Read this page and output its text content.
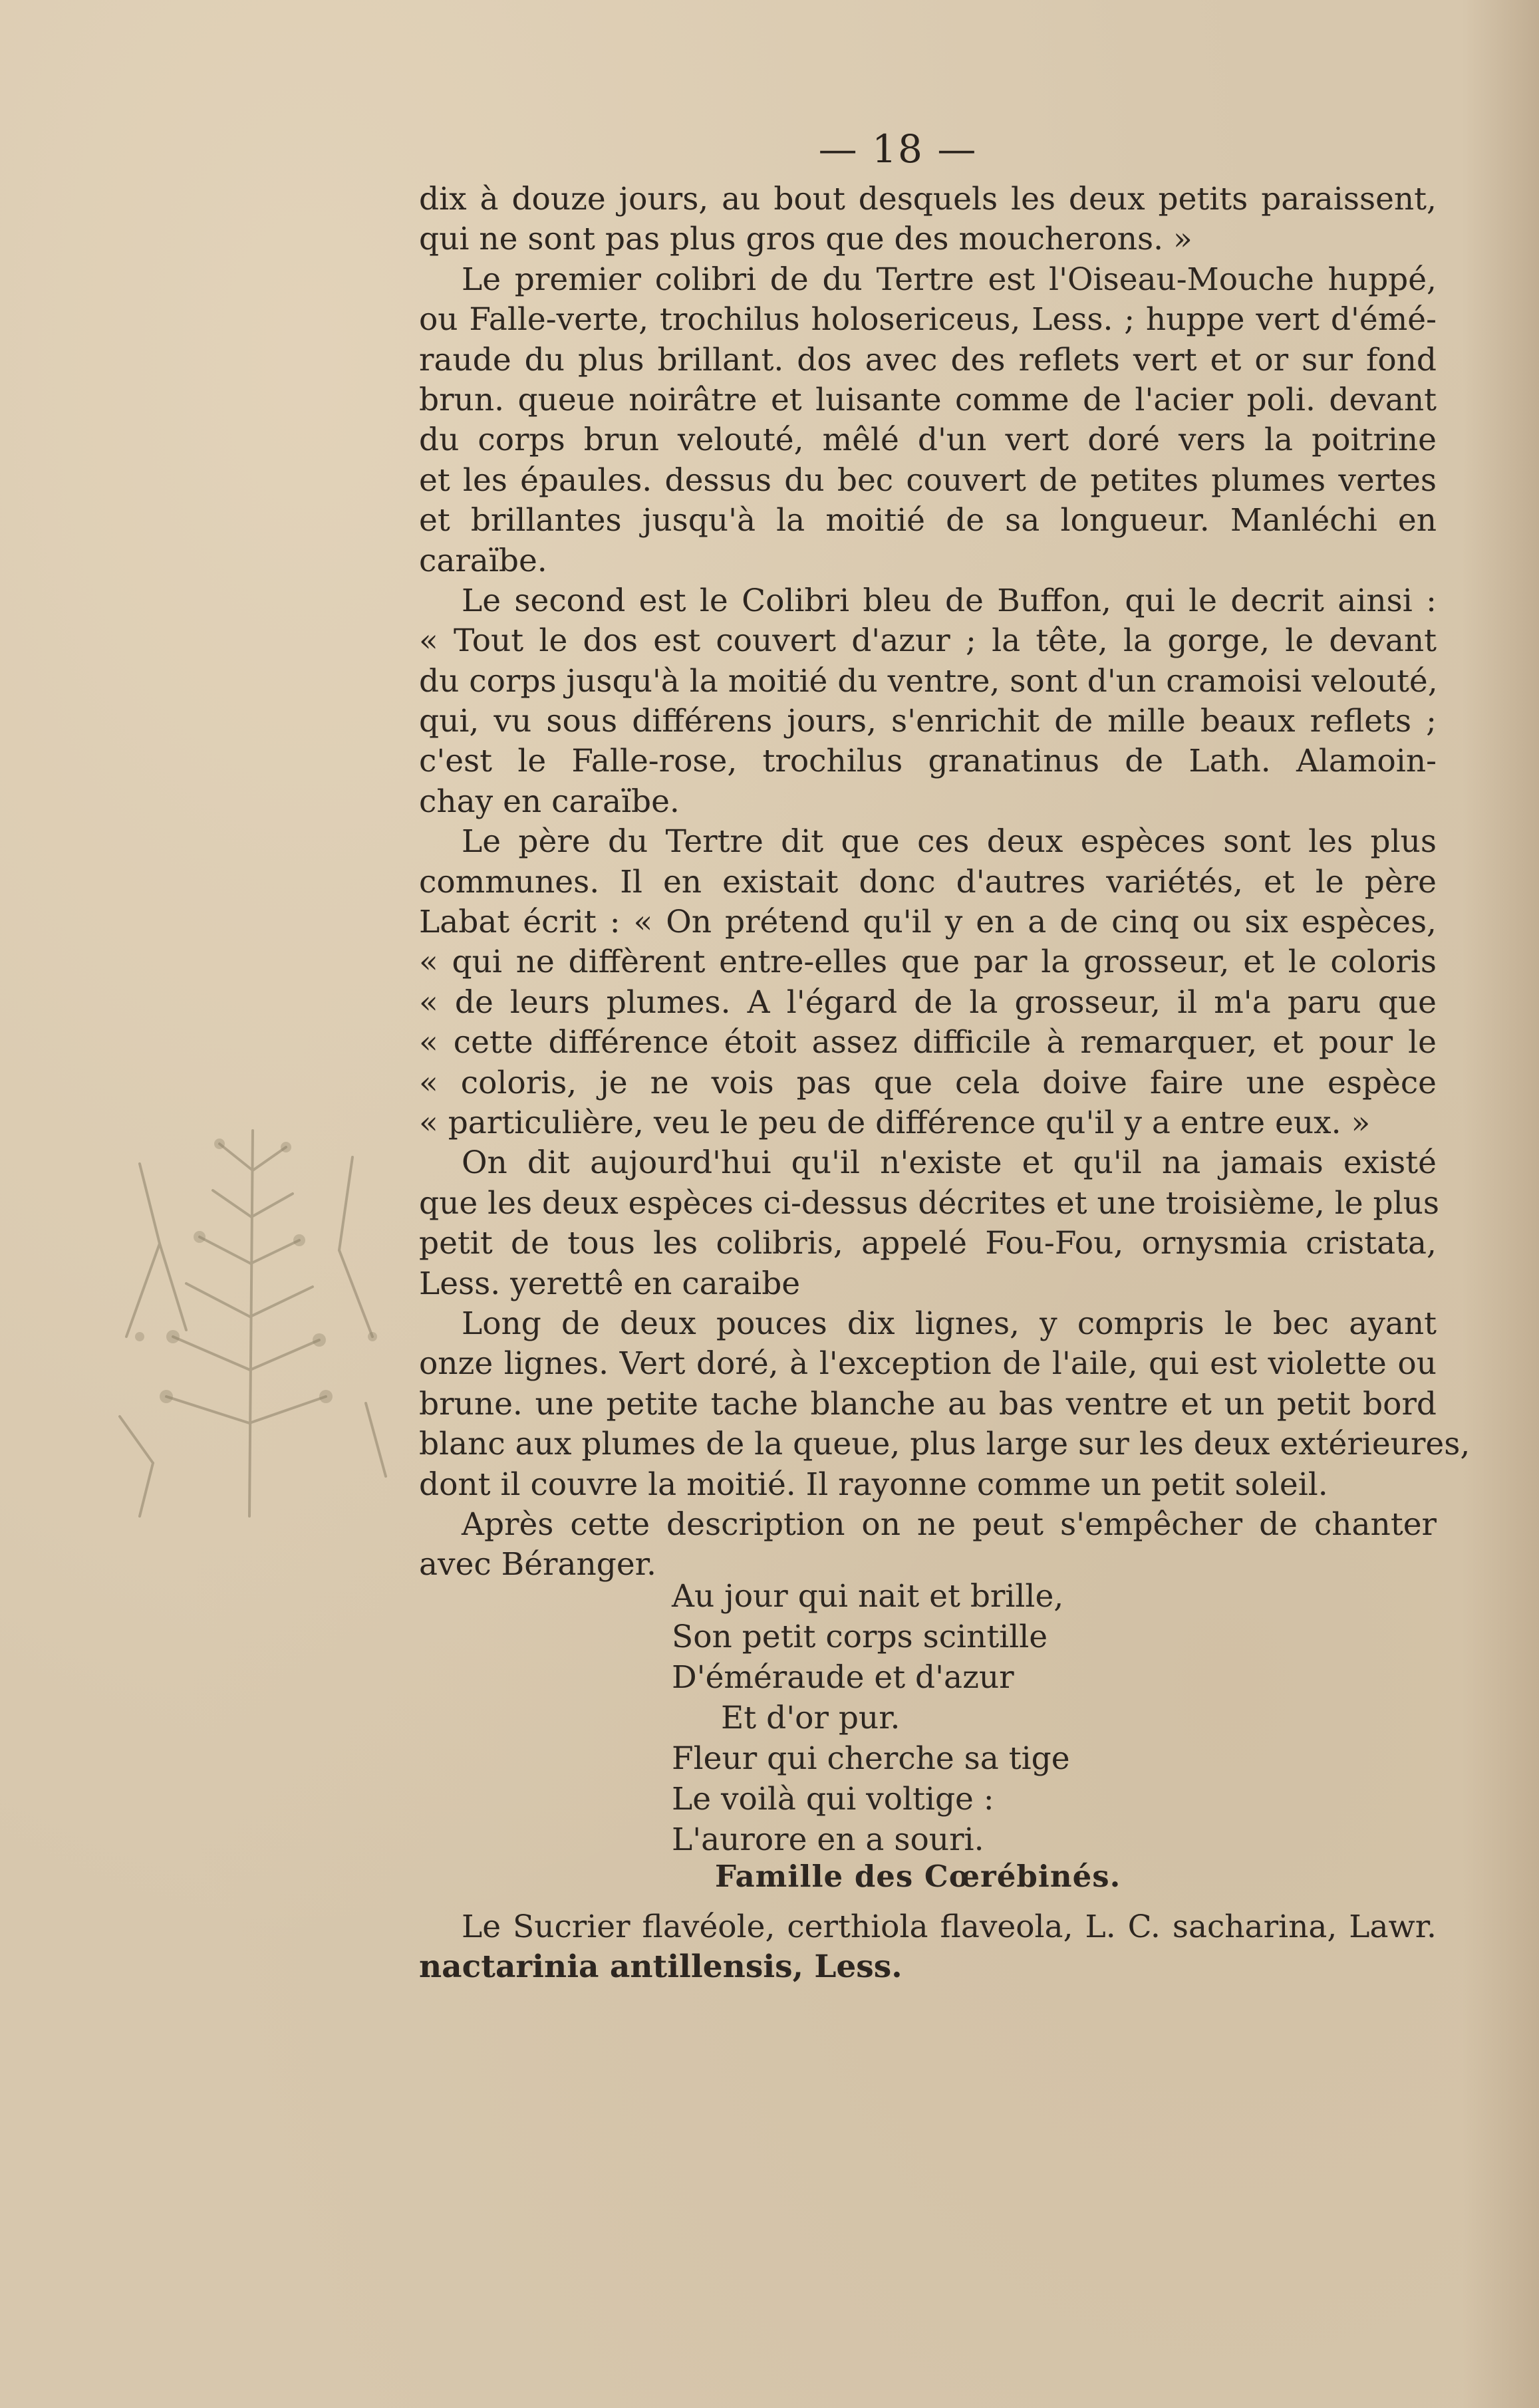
— 18 —
dix à douze jours, au bout desquels les deux petits paraissent,
qui ne sont pas plus gros que des moucherons. »
Le premier colibri de du Tertre est l'Oiseau-Mouche huppé,
ou Falle-verte, trochilus holosericeus, Less. ; huppe vert d'émé-
raude du plus brillant. dos avec des reflets vert et or sur fond
brun. queue noirâtre et luisante comme de l'acier poli. devant
du corps brun velouté, mêlé d'un vert doré vers la poitrine
et les épaules. dessus du bec couvert de petites plumes vertes
et brillantes jusqu'à la moitié de sa longueur. Manléchi en
caraïbe.
Le second est le Colibri bleu de Buffon, qui le decrit ainsi :
« Tout le dos est couvert d'azur ; la tête, la gorge, le devant
du corps jusqu'à la moitié du ventre, sont d'un cramoisi velouté,
qui, vu sous différens jours, s'enrichit de mille beaux reflets ;
c'est le Falle-rose, trochilus granatinus de Lath. Alamoin-
chay en caraïbe.
Le père du Tertre dit que ces deux espèces sont les plus
communes. Il en existait donc d'autres variétés, et le père
Labat écrit : « On prétend qu'il y en a de cinq ou six espèces,
« qui ne diffèrent entre-elles que par la grosseur, et le coloris
« de leurs plumes. A l'égard de la grosseur, il m'a paru que
« cette différence étoit assez difficile à remarquer, et pour le
« coloris, je ne vois pas que cela doive faire une espèce
« particulière, veu le peu de différence qu'il y a entre eux. »
On dit aujourd'hui qu'il n'existe et qu'il na jamais existé
que les deux espèces ci-dessus décrites et une troisième, le plus
petit de tous les colibris, appelé Fou-Fou, ornysmia cristata,
Less. yerettê en caraibe
Long de deux pouces dix lignes, y compris le bec ayant
onze lignes. Vert doré, à l'exception de l'aile, qui est violette ou
brune. une petite tache blanche au bas ventre et un petit bord
blanc aux plumes de la queue, plus large sur les deux extérieures,
dont il couvre la moitié. Il rayonne comme un petit soleil.
Après cette description on ne peut s'empêcher de chanter
avec Béranger.
Au jour qui nait et brille,
Son petit corps scintille
D'éméraude et d'azur
Et d'or pur.
Fleur qui cherche sa tige
Le voilà qui voltige :
L'aurore en a souri.
Famille des Cœrébinés.
Le Sucrier flavéole, certhiola flaveola, L. C. sacharina, Lawr.
nactarinia antillensis, Less.
